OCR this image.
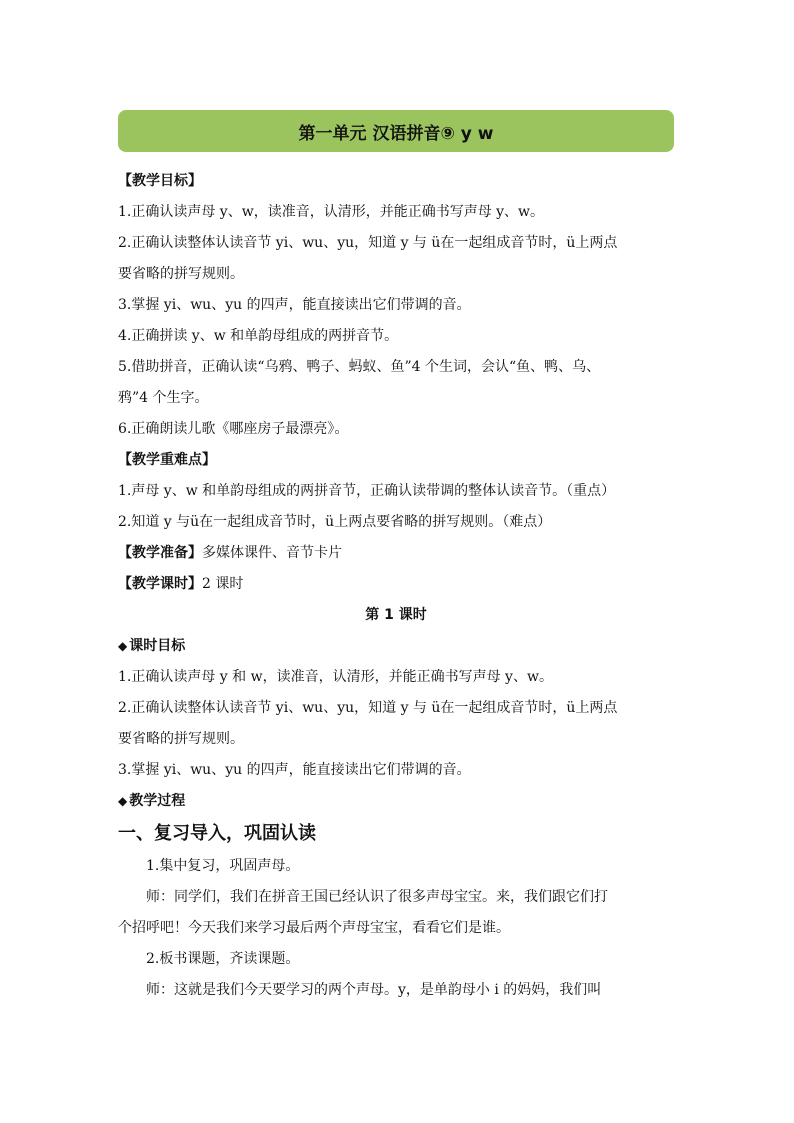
第一单元 汉语拼音⑨ y w
【教学目标】
1.正确认读声母 y、w，读准音，认清形，并能正确书写声母 y、w。
2.正确认读整体认读音节 yi、wu、yu，知道 y 与 ü在一起组成音节时，ü上两点
要省略的拼写规则。
3.掌握 yi、wu、yu 的四声，能直接读出它们带调的音。
4.正确拼读 y、w 和单韵母组成的两拼音节。
5.借助拼音，正确认读“乌鸦、鸭子、蚂蚁、鱼”4 个生词，会认“鱼、鸭、乌、
鸦”4 个生字。
6.正确朗读儿歌《哪座房子最漂亮》。
【教学重难点】
1.声母 y、w 和单韵母组成的两拼音节，正确认读带调的整体认读音节。（重点）
2.知道 y 与ü在一起组成音节时，ü上两点要省略的拼写规则。（难点）
【教学准备】多媒体课件、音节卡片
【教学课时】2 课时
第 1 课时
◆ 课时目标
1.正确认读声母 y 和 w，读准音，认清形，并能正确书写声母 y、w。
2.正确认读整体认读音节 yi、wu、yu，知道 y 与 ü在一起组成音节时，ü上两点
要省略的拼写规则。
3.掌握 yi、wu、yu 的四声，能直接读出它们带调的音。
◆ 教学过程
一、复习导入，巩固认读
1.集中复习，巩固声母。
师：同学们，我们在拼音王国已经认识了很多声母宝宝。来，我们跟它们打
个招呼吧！今天我们来学习最后两个声母宝宝，看看它们是谁。
2.板书课题，齐读课题。
师：这就是我们今天要学习的两个声母。y，是单韵母小 i 的妈妈，我们叫
